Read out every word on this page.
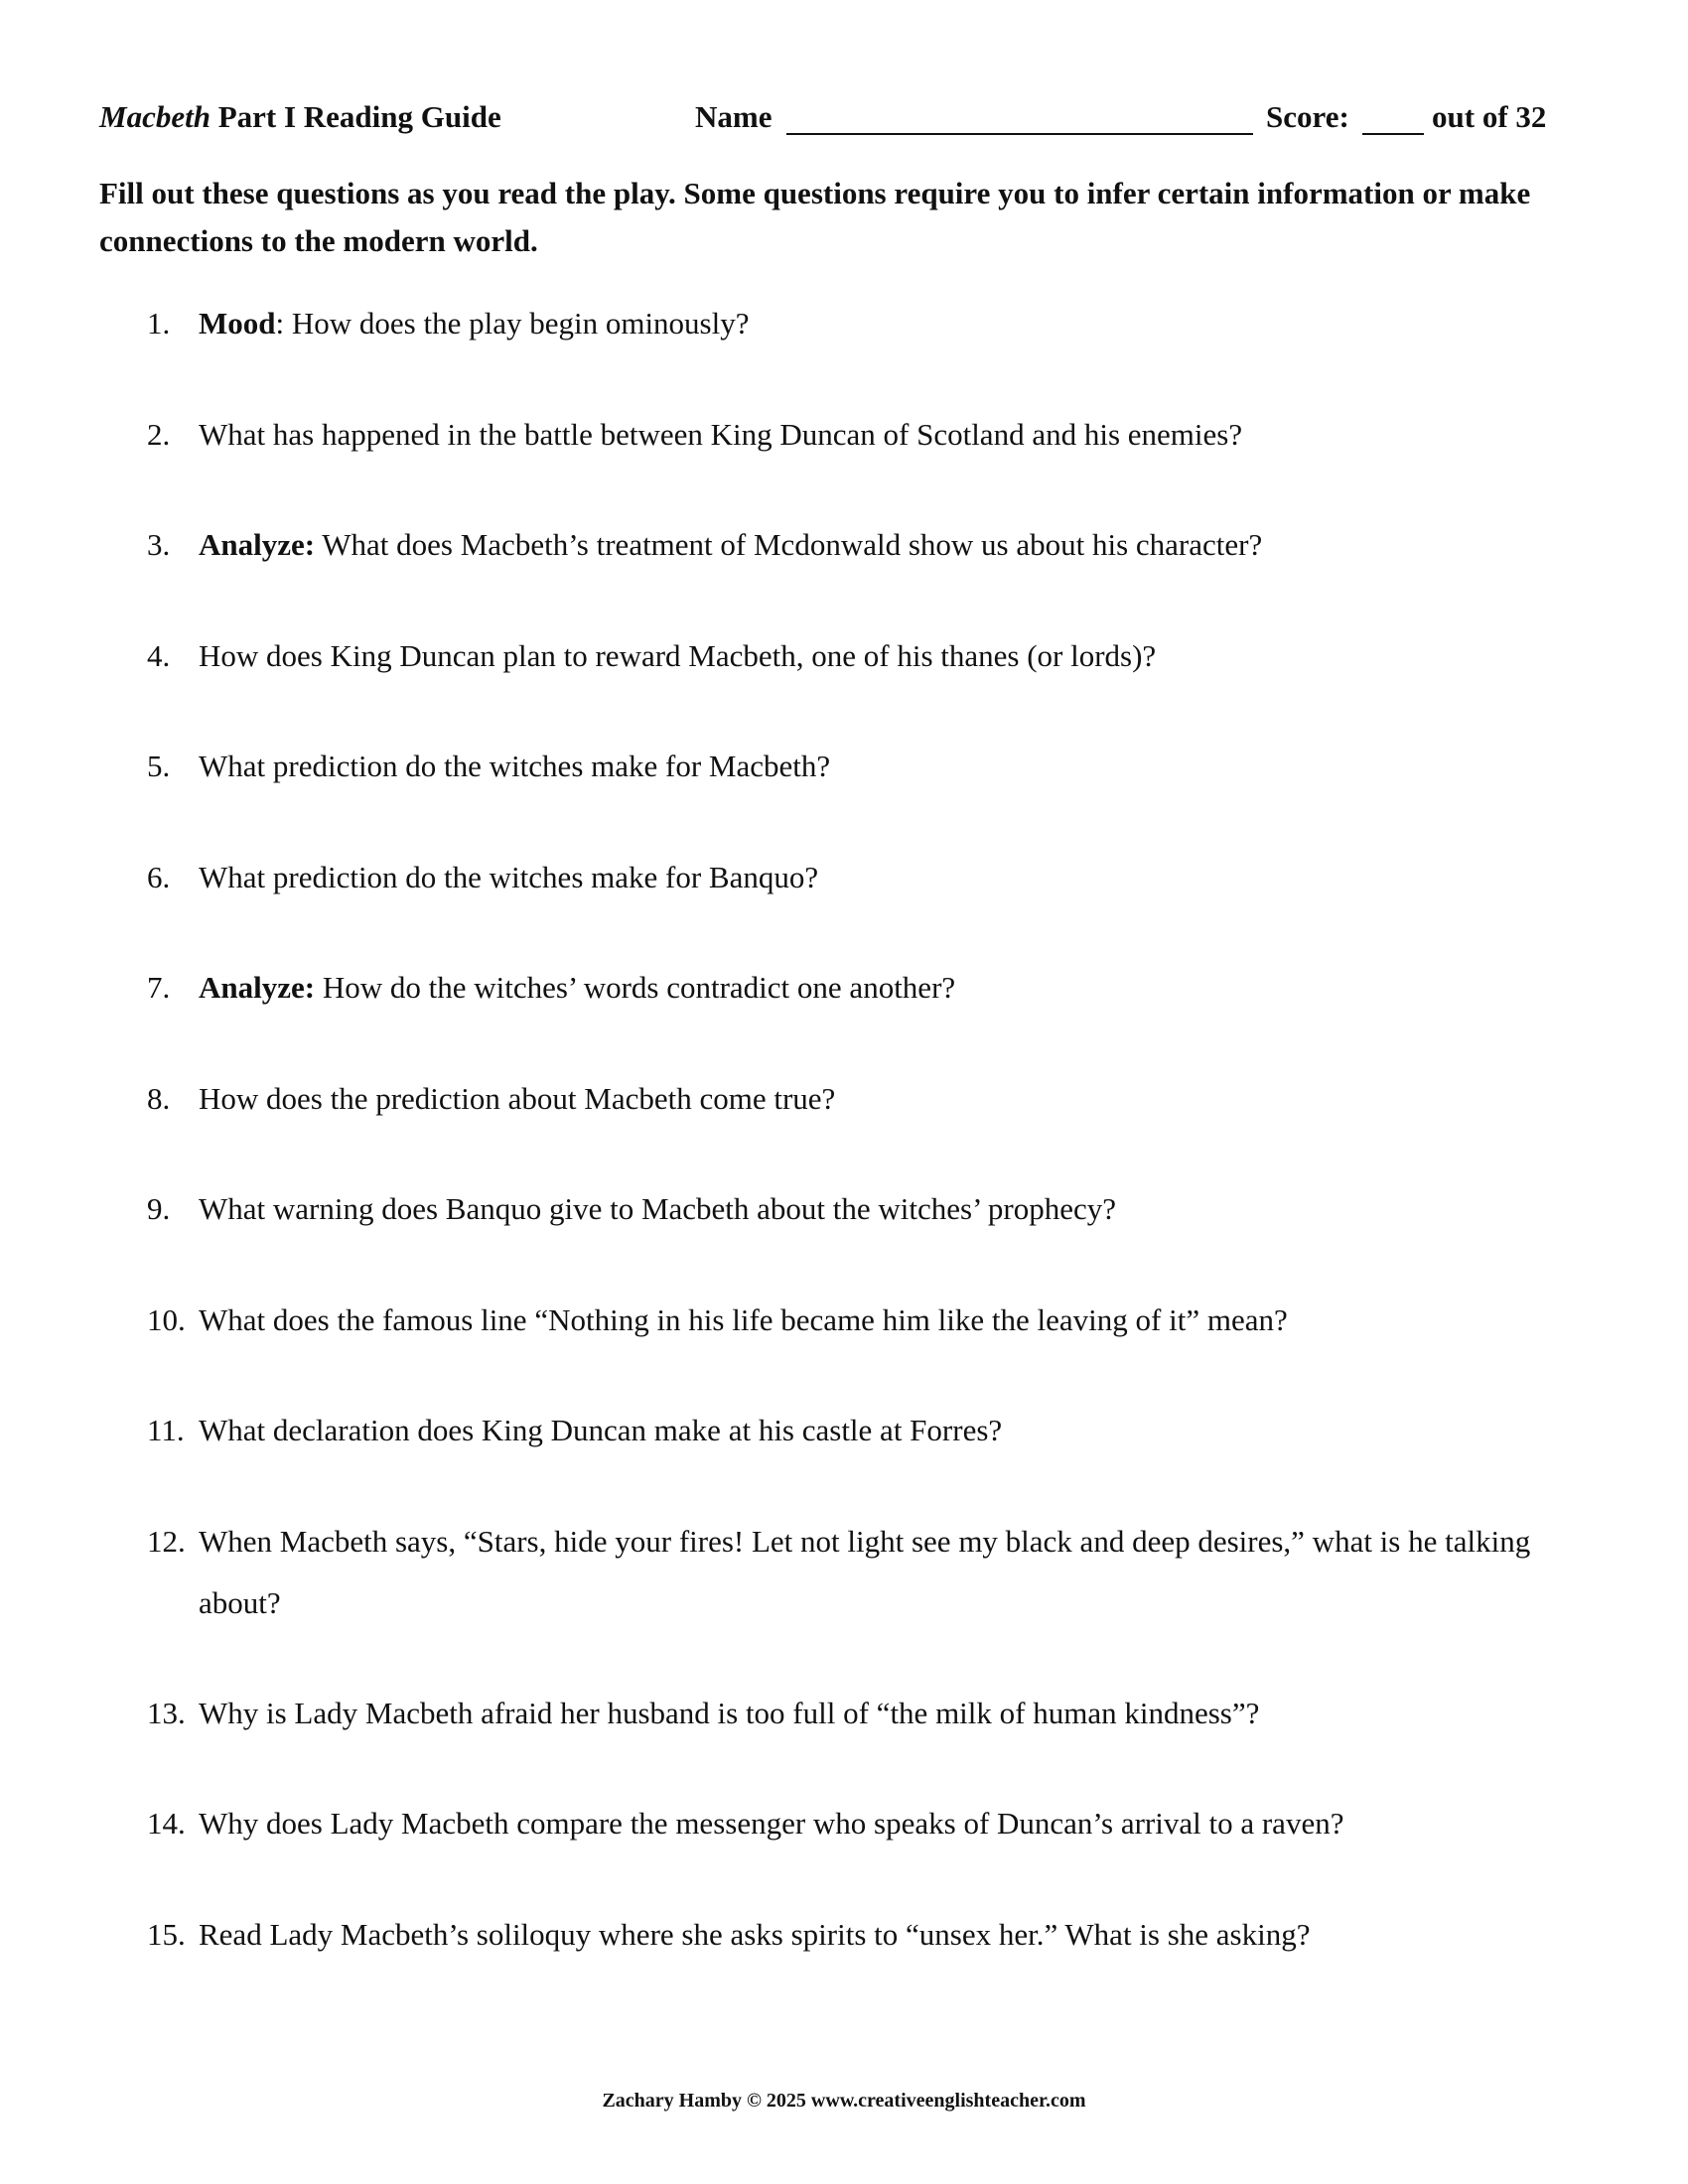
Macbeth Part I Reading Guide	Name	Score:	out of 32
Fill out these questions as you read the play. Some questions require you to infer certain information or make connections to the modern world.
1. Mood: How does the play begin ominously?
2. What has happened in the battle between King Duncan of Scotland and his enemies?
3. Analyze: What does Macbeth’s treatment of Mcdonwald show us about his character?
4. How does King Duncan plan to reward Macbeth, one of his thanes (or lords)?
5. What prediction do the witches make for Macbeth?
6. What prediction do the witches make for Banquo?
7. Analyze: How do the witches’ words contradict one another?
8. How does the prediction about Macbeth come true?
9. What warning does Banquo give to Macbeth about the witches’ prophecy?
10. What does the famous line “Nothing in his life became him like the leaving of it” mean?
11. What declaration does King Duncan make at his castle at Forres?
12. When Macbeth says, “Stars, hide your fires! Let not light see my black and deep desires,” what is he talking about?
13. Why is Lady Macbeth afraid her husband is too full of “the milk of human kindness”?
14. Why does Lady Macbeth compare the messenger who speaks of Duncan’s arrival to a raven?
15. Read Lady Macbeth’s soliloquy where she asks spirits to “unsex her.” What is she asking?
Zachary Hamby © 2025 www.creativeenglishteacher.com
